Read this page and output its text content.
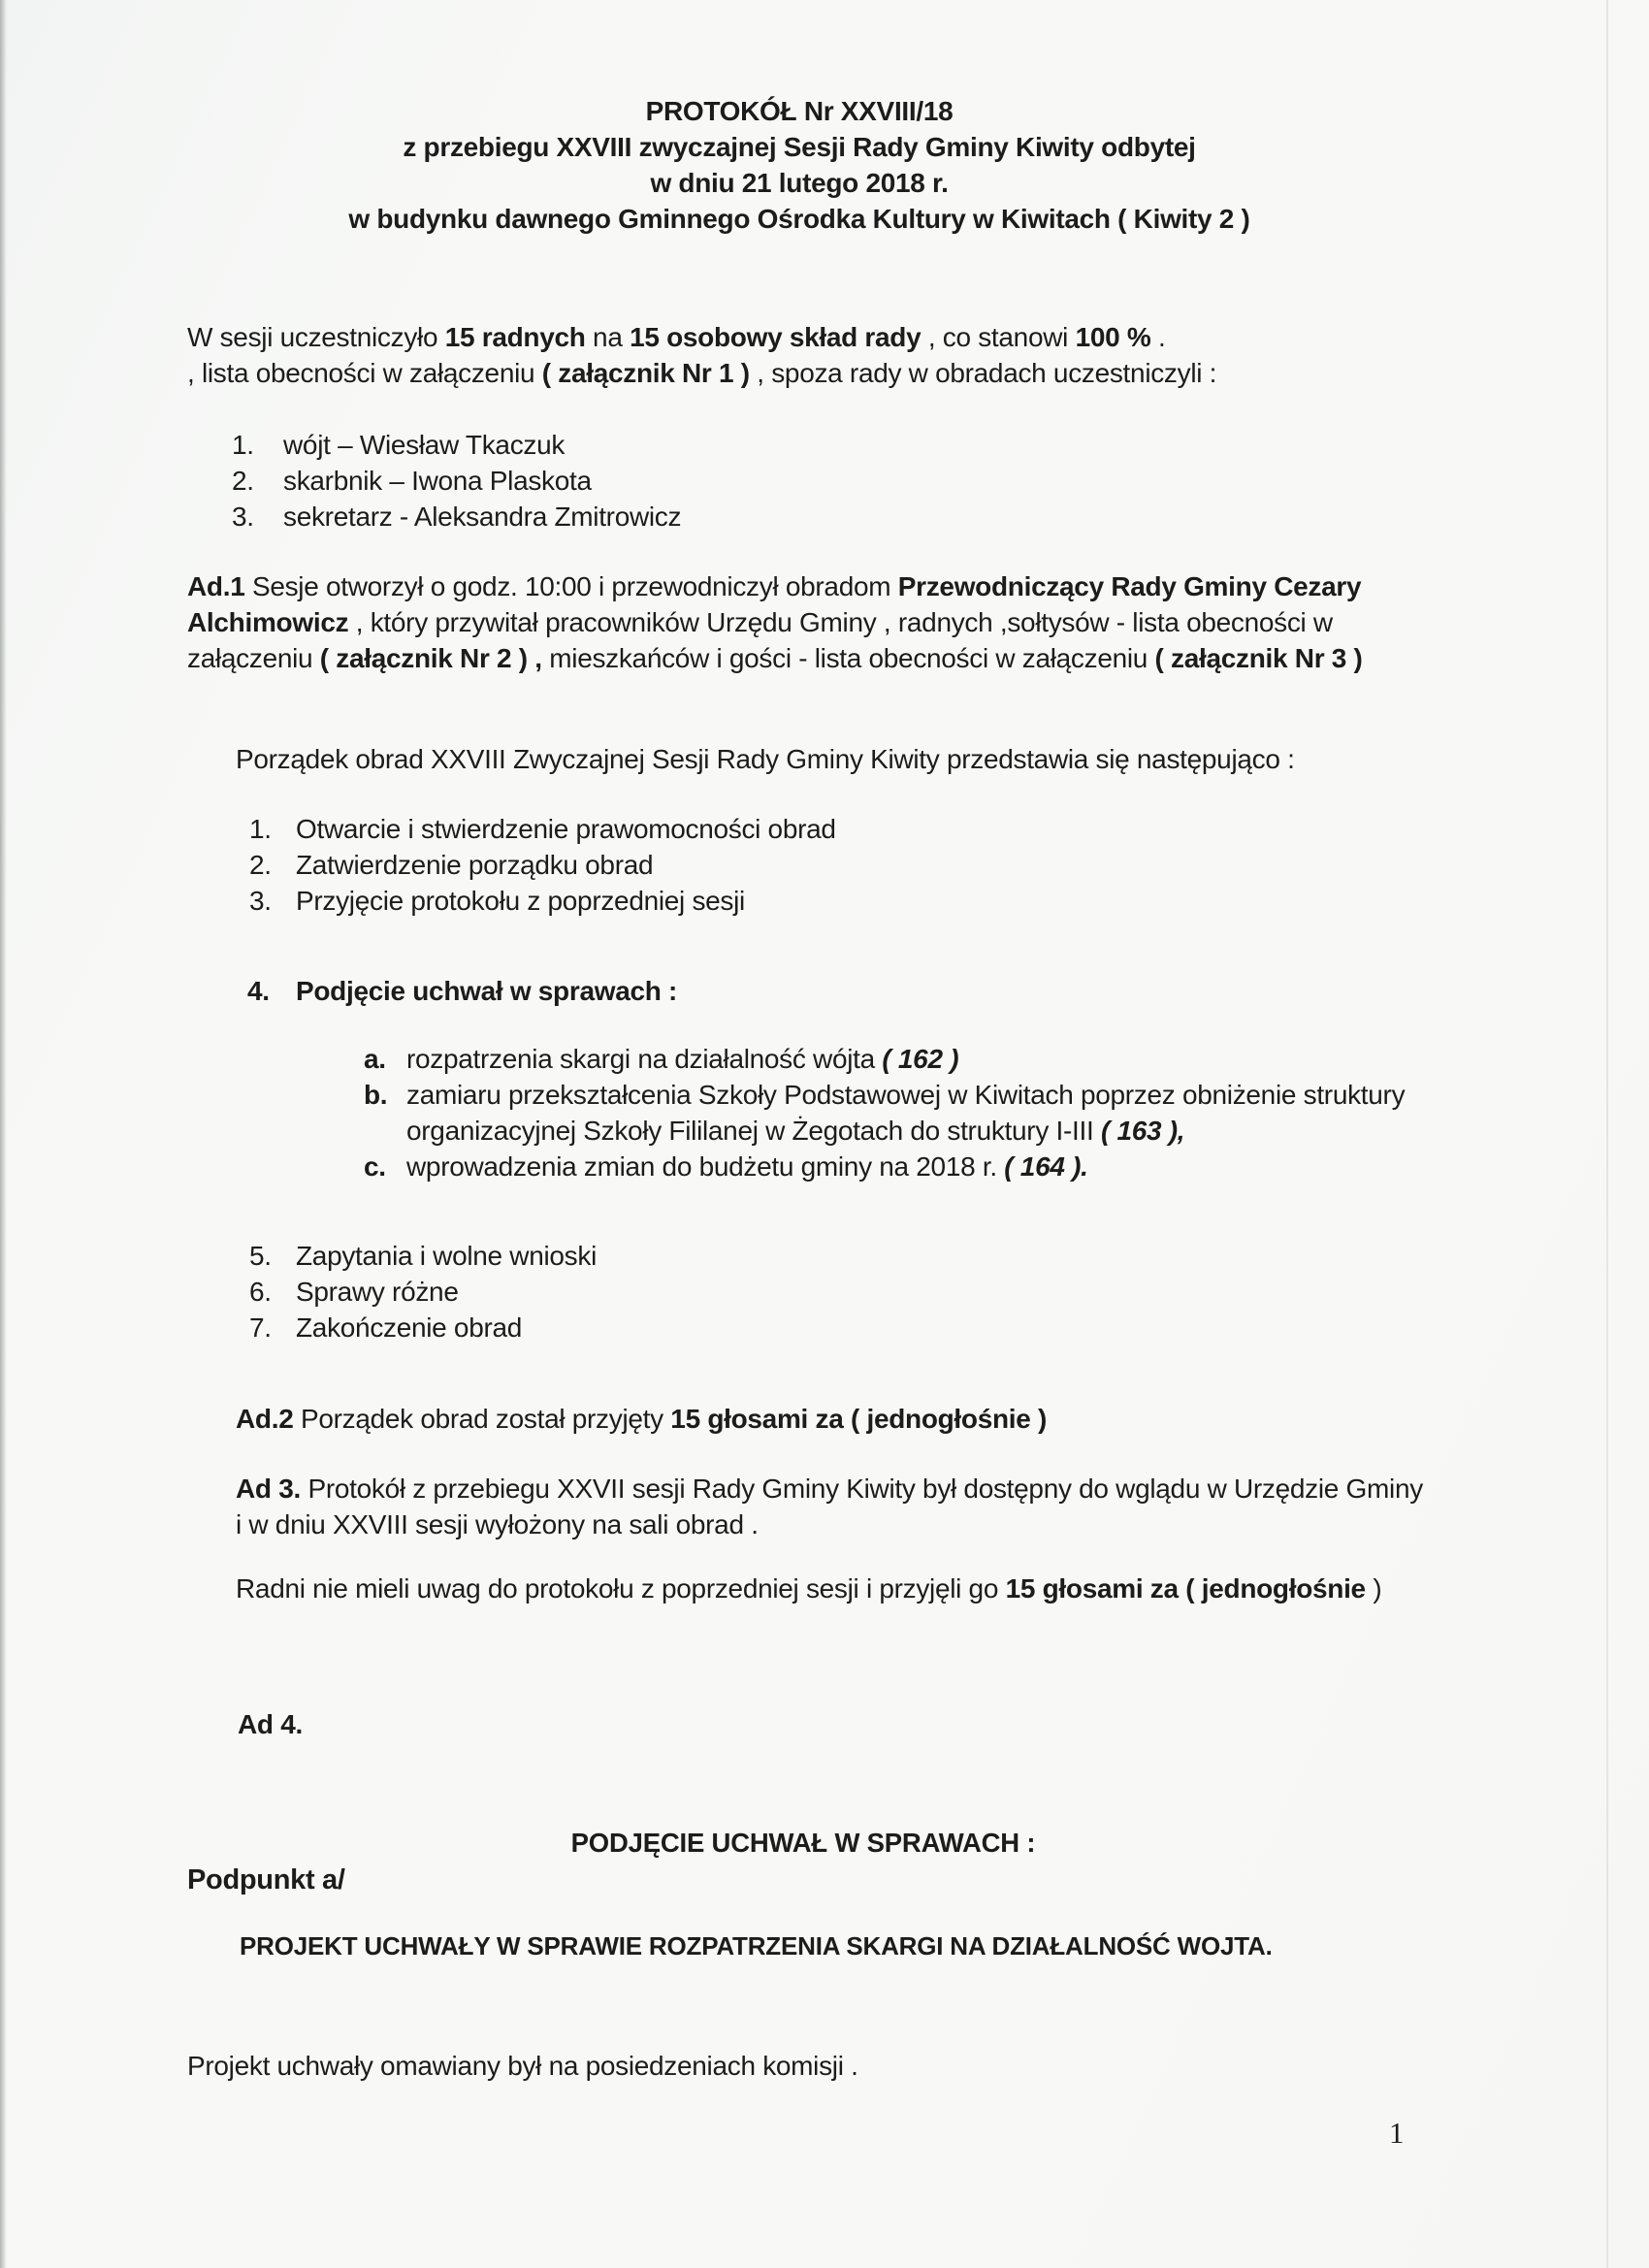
PROTOKÓŁ Nr XXVIII/18
z przebiegu XXVIII zwyczajnej Sesji Rady Gminy Kiwity odbytej
w dniu 21 lutego 2018 r.
w budynku dawnego Gminnego Ośrodka Kultury w Kiwitach ( Kiwity 2 )
W sesji uczestniczyło 15 radnych na 15 osobowy skład rady , co stanowi 100 % .
, lista obecności w załączeniu ( załącznik Nr 1 ) , spoza rady w obradach uczestniczyli :
1.	wójt – Wiesław Tkaczuk
2.	skarbnik – Iwona Plaskota
3.	sekretarz - Aleksandra Zmitrowicz
Ad.1 Sesje otworzył o godz. 10:00 i przewodniczył obradom Przewodniczący Rady Gminy Cezary Alchimowicz , który przywitał pracowników Urzędu Gminy , radnych ,sołtysów - lista obecności w załączeniu ( załącznik Nr 2 ) , mieszkańców i gości - lista obecności w załączeniu ( załącznik Nr 3 )
Porządek obrad XXVIII Zwyczajnej Sesji Rady Gminy Kiwity przedstawia się następująco :
1. Otwarcie i stwierdzenie prawomocności obrad
2. Zatwierdzenie porządku obrad
3. Przyjęcie protokołu z poprzedniej sesji
4. Podjęcie uchwał w sprawach :
a. rozpatrzenia skargi na działalność wójta ( 162 )
b. zamiaru przekształcenia Szkoły Podstawowej w Kiwitach poprzez obniżenie struktury organizacyjnej Szkoły Fililanej w Żegotach do struktury I-III ( 163 ),
c. wprowadzenia zmian do budżetu gminy na 2018 r. ( 164 ).
5. Zapytania i wolne wnioski
6. Sprawy różne
7. Zakończenie obrad
Ad.2 Porządek obrad został przyjęty 15 głosami za ( jednogłośnie )
Ad 3. Protokół z przebiegu XXVII sesji Rady Gminy Kiwity był dostępny do wglądu w Urzędzie Gminy i w dniu XXVIII sesji wyłożony na sali obrad .
Radni nie mieli uwag do protokołu z poprzedniej sesji i przyjęli go 15 głosami za ( jednogłośnie )
Ad 4.
PODJĘCIE UCHWAŁ W SPRAWACH :
Podpunkt a/
PROJEKT UCHWAŁY W SPRAWIE ROZPATRZENIA SKARGI NA DZIAŁALNOŚĆ WOJTA.
Projekt uchwały omawiany był na posiedzeniach komisji .
1
